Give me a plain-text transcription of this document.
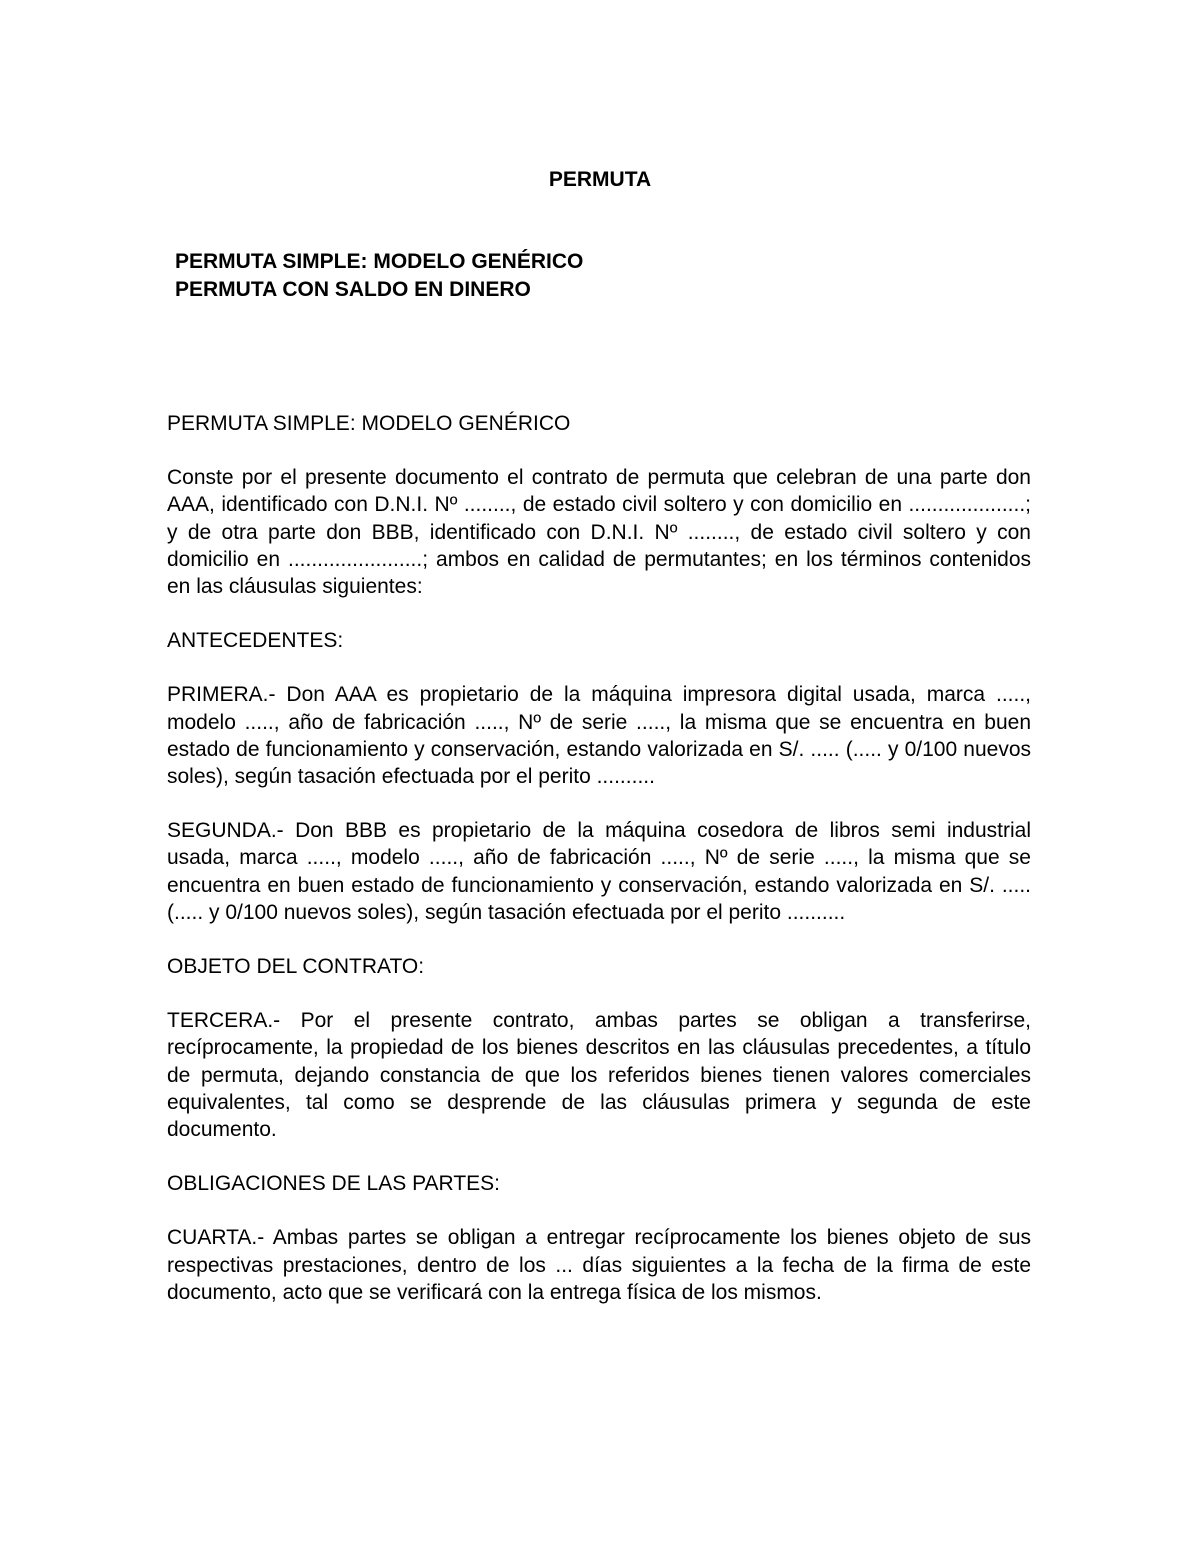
PERMUTA
PERMUTA SIMPLE: MODELO GENÉRICO
PERMUTA CON SALDO EN DINERO

PERMUTA SIMPLE: MODELO GENÉRICO

Conste por el presente documento el contrato de permuta que celebran de una parte don AAA, identificado con D.N.I. Nº ........, de estado civil soltero y con domicilio en ....................; y de otra parte don BBB, identificado con D.N.I. Nº ........, de estado civil soltero y con domicilio en .......................; ambos en calidad de permutantes; en los términos contenidos en las cláusulas siguientes:

ANTECEDENTES:

PRIMERA.- Don AAA es propietario de la máquina impresora digital usada, marca ....., modelo ....., año de fabricación ....., Nº de serie ....., la misma que se encuentra en buen estado de funcionamiento y conservación, estando valorizada en S/. ..... (..... y 0/100 nuevos soles), según tasación efectuada por el perito ..........

SEGUNDA.- Don BBB es propietario de la máquina cosedora de libros semi industrial usada, marca ....., modelo ....., año de fabricación ....., Nº de serie ....., la misma que se encuentra en buen estado de funcionamiento y conservación, estando valorizada en S/. ..... (..... y 0/100 nuevos soles), según tasación efectuada por el perito ..........

OBJETO DEL CONTRATO:

TERCERA.- Por el presente contrato, ambas partes se obligan a transferirse, recíprocamente, la propiedad de los bienes descritos en las cláusulas precedentes, a título de permuta, dejando constancia de que los referidos bienes tienen valores comerciales equivalentes, tal como se desprende de las cláusulas primera y segunda de este documento.

OBLIGACIONES DE LAS PARTES:

CUARTA.- Ambas partes se obligan a entregar recíprocamente los bienes objeto de sus respectivas prestaciones, dentro de los ... días siguientes a la fecha de la firma de este documento, acto que se verificará con la entrega física de los mismos.
